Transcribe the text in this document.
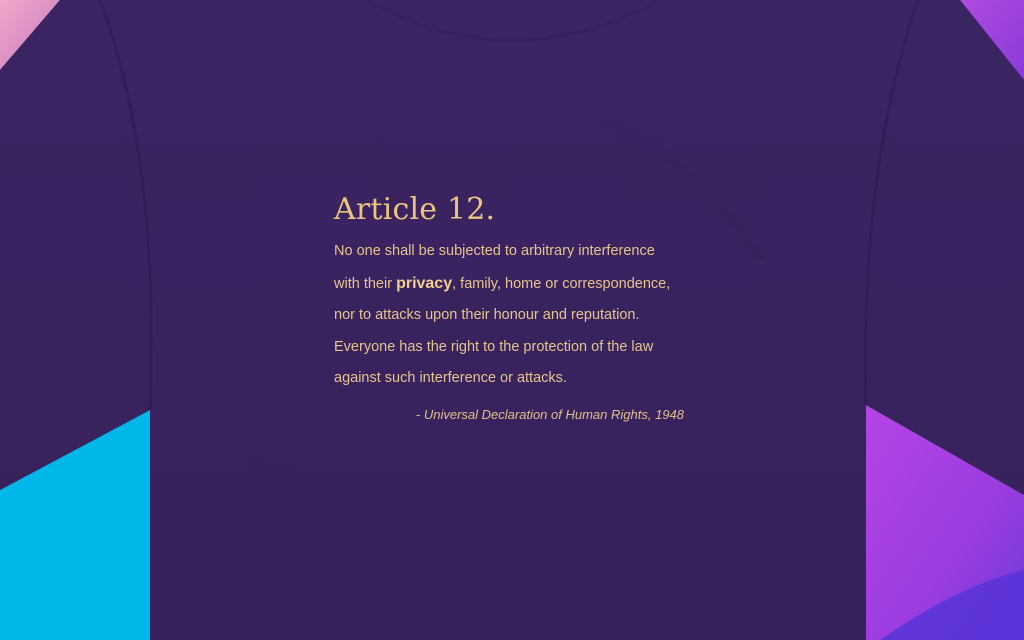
Article 12.
No one shall be subjected to arbitrary interference
with their privacy, family, home or correspondence,
nor to attacks upon their honour and reputation.
Everyone has the right to the protection of the law
against such interference or attacks.
- Universal Declaration of Human Rights, 1948
